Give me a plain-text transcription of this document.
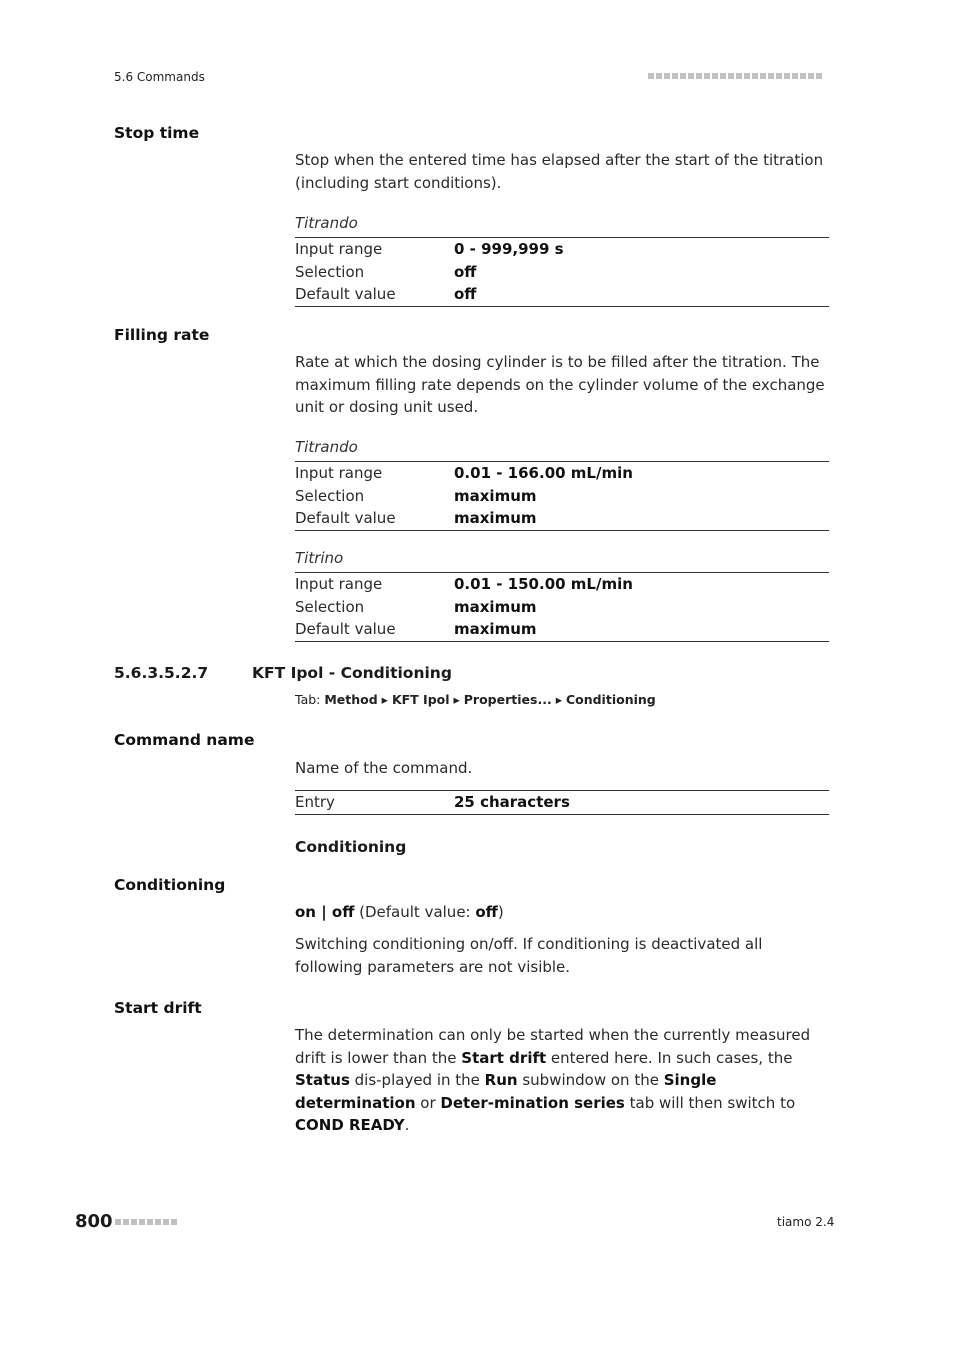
5.6 Commands
Stop time
Stop when the entered time has elapsed after the start of the titration (including start conditions).
Titrando
Input range	0 - 999,999 s
Selection	off
Default value	off
Filling rate
Rate at which the dosing cylinder is to be filled after the titration. The maximum filling rate depends on the cylinder volume of the exchange unit or dosing unit used.
Titrando
Input range	0.01 - 166.00 mL/min
Selection	maximum
Default value	maximum
Titrino
Input range	0.01 - 150.00 mL/min
Selection	maximum
Default value	maximum
5.6.3.5.2.7	KFT Ipol - Conditioning
Tab: Method ▸ KFT Ipol ▸ Properties... ▸ Conditioning
Command name
Name of the command.
Entry	25 characters
Conditioning
Conditioning
on | off (Default value: off)
Switching conditioning on/off. If conditioning is deactivated all following parameters are not visible.
Start drift
The determination can only be started when the currently measured drift is lower than the Start drift entered here. In such cases, the Status dis-played in the Run subwindow on the Single determination or Deter-mination series tab will then switch to COND READY.
800	tiamo 2.4
